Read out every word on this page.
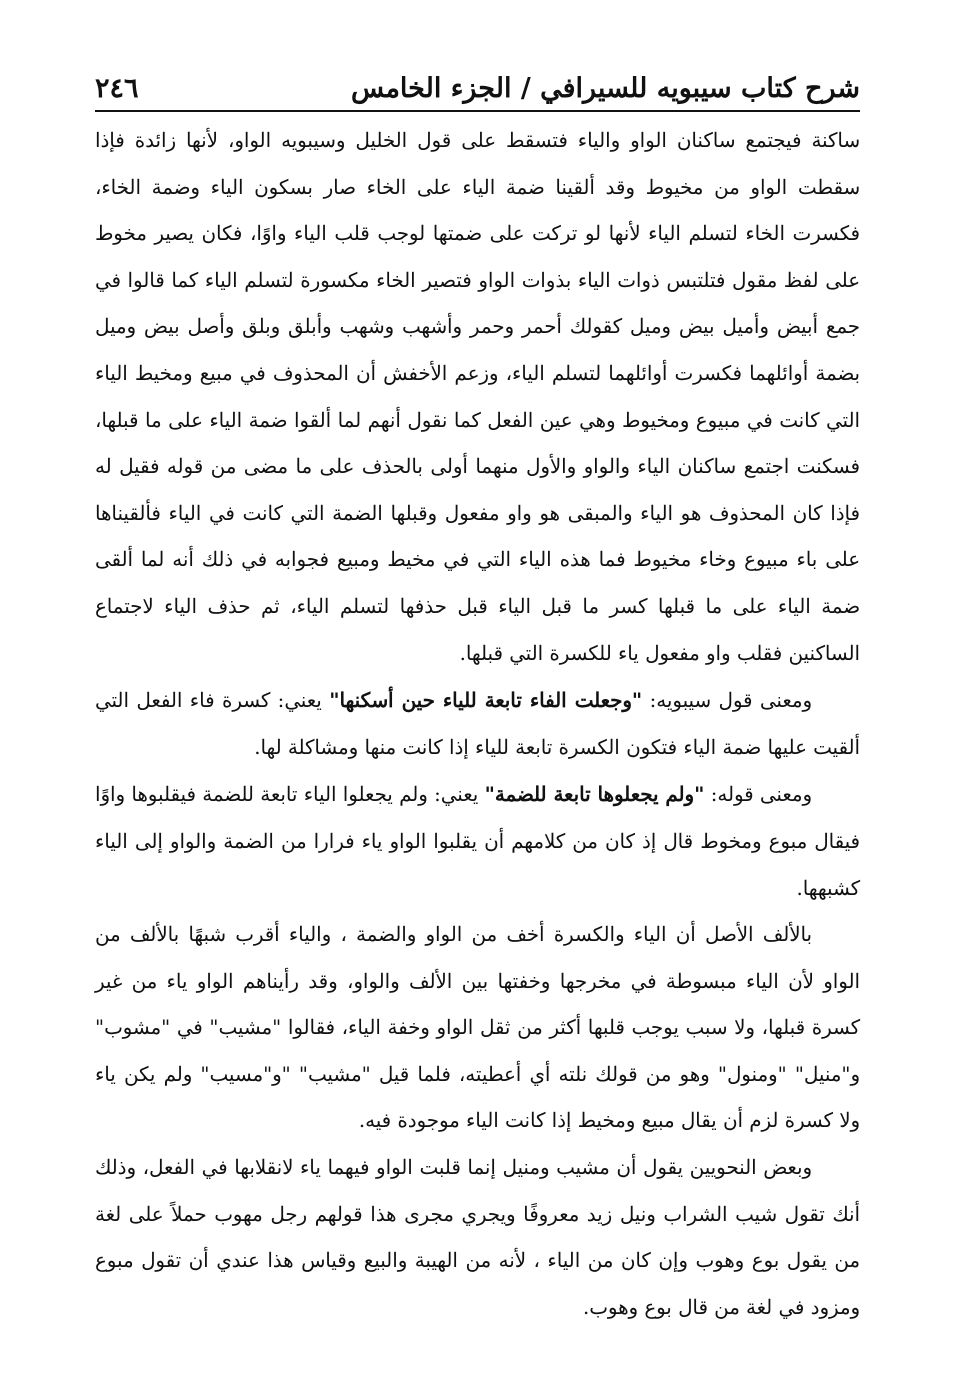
شرح كتاب سيبويه للسيرافي / الجزء الخامس
٢٤٦

ساكنة فيجتمع ساكنان الواو والياء فتسقط على قول الخليل وسيبويه الواو، لأنها زائدة فإذا سقطت الواو من مخيوط وقد ألقينا ضمة الياء على الخاء صار بسكون الياء وضمة الخاء، فكسرت الخاء لتسلم الياء لأنها لو تركت على ضمتها لوجب قلب الياء واوًا، فكان يصير مخوط على لفظ مقول فتلتبس ذوات الياء بذوات الواو فتصير الخاء مكسورة لتسلم الياء كما قالوا في جمع أبيض وأميل بيض وميل كقولك أحمر وحمر وأشهب وشهب وأبلق وبلق وأصل بيض وميل بضمة أوائلهما فكسرت أوائلهما لتسلم الياء، وزعم الأخفش أن المحذوف في مبيع ومخيط الياء التي كانت في مبيوع ومخيوط وهي عين الفعل كما نقول أنهم لما ألقوا ضمة الياء على ما قبلها، فسكنت اجتمع ساكنان الياء والواو والأول منهما أولى بالحذف على ما مضى من قوله فقيل له فإذا كان المحذوف هو الياء والمبقى هو واو مفعول وقبلها الضمة التي كانت في الياء فألقيناها على باء مبيوع وخاء مخيوط فما هذه الياء التي في مخيط ومبيع فجوابه في ذلك أنه لما ألقى ضمة الياء على ما قبلها كسر ما قبل الياء قبل حذفها لتسلم الياء، ثم حذف الياء لاجتماع الساكنين فقلب واو مفعول ياء للكسرة التي قبلها.

ومعنى قول سيبويه: "وجعلت الفاء تابعة للياء حين أسكنها" يعني: كسرة فاء الفعل التي ألقيت عليها ضمة الياء فتكون الكسرة تابعة للياء إذا كانت منها ومشاكلة لها.

ومعنى قوله: "ولم يجعلوها تابعة للضمة" يعني: ولم يجعلوا الياء تابعة للضمة فيقلبوها واوًا فيقال مبوع ومخوط قال إذ كان من كلامهم أن يقلبوا الواو ياء فرارا من الضمة والواو إلى الياء كشبهها.

بالألف الأصل أن الياء والكسرة أخف من الواو والضمة ، والياء أقرب شبهًا بالألف من الواو لأن الياء مبسوطة في مخرجها وخفتها بين الألف والواو، وقد رأيناهم الواو ياء من غير كسرة قبلها، ولا سبب يوجب قلبها أكثر من ثقل الواو وخفة الياء، فقالوا "مشيب" في "مشوب" و"منيل" "ومنول" وهو من قولك نلته أي أعطيته، فلما قيل "مشيب" "و"مسيب" ولم يكن ياء ولا كسرة لزم أن يقال مبيع ومخيط إذا كانت الياء موجودة فيه.

وبعض النحويين يقول أن مشيب ومنيل إنما قلبت الواو فيهما ياء لانقلابها في الفعل، وذلك أنك تقول شيب الشراب ونيل زيد معروفًا ويجري مجرى هذا قولهم رجل مهوب حملاً على لغة من يقول بوع وهوب وإن كان من الياء ، لأنه من الهيبة والبيع وقياس هذا عندي أن تقول مبوع ومزود في لغة من قال بوع وهوب.
